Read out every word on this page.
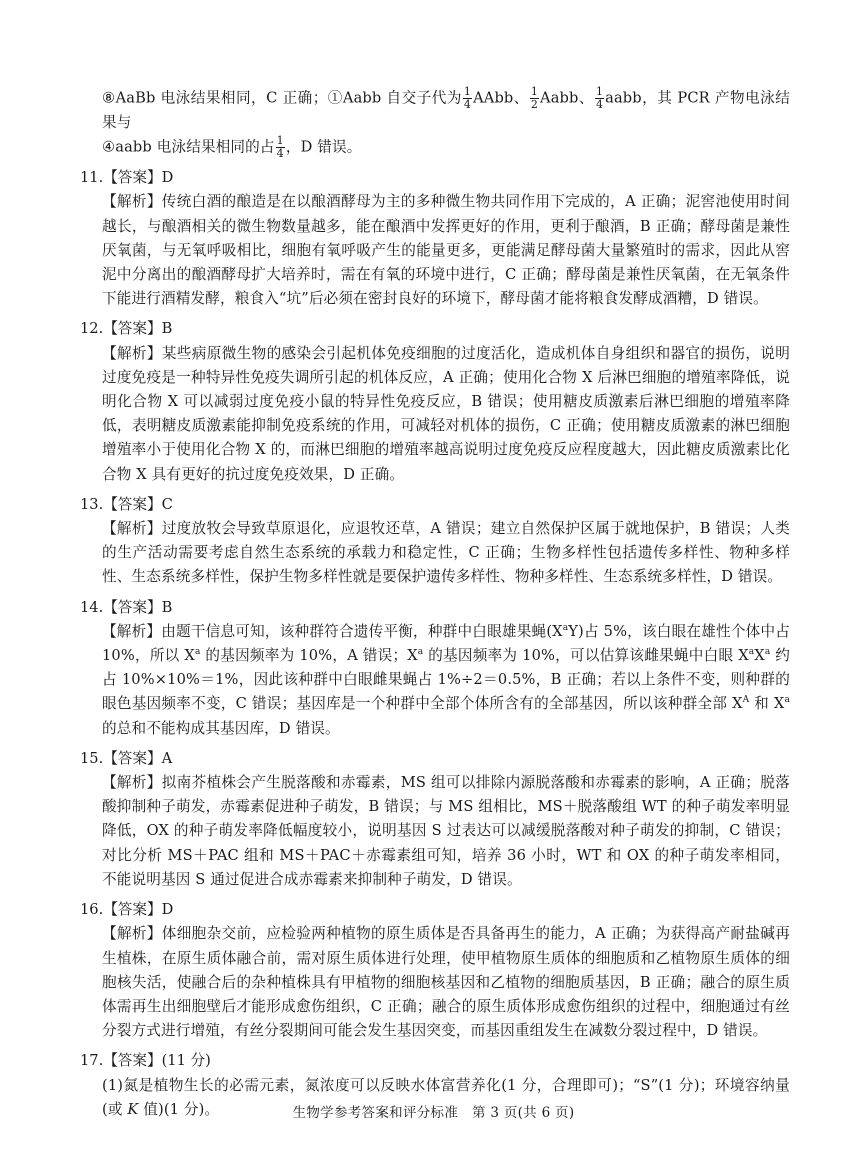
⑧AaBb 电泳结果相同，C 正确；①Aabb 自交子代为 $\frac{1}{4}$ AAbb、 $\frac{1}{2}$ Aabb、 $\frac{1}{4}$ aabb，其 PCR 产物电泳结果与
④aabb 电泳结果相同的占 $\frac{1}{4}$ ，D 错误。
11.【答案】D
【解析】传统白酒的酿造是在以酿酒酵母为主的多种微生物共同作用下完成的，A 正确；泥窖池使用时间越长，与酿酒相关的微生物数量越多，能在酿酒中发挥更好的作用，更利于酿酒，B 正确；酵母菌是兼性厌氧菌，与无氧呼吸相比，细胞有氧呼吸产生的能量更多，更能满足酵母菌大量繁殖时的需求，因此从窖泥中分离出的酿酒酵母扩大培养时，需在有氧的环境中进行，C 正确；酵母菌是兼性厌氧菌，在无氧条件下能进行酒精发酵，粮食入“坑”后必须在密封良好的环境下，酵母菌才能将粮食发酵成酒糟，D 错误。
12.【答案】B
【解析】某些病原微生物的感染会引起机体免疫细胞的过度活化，造成机体自身组织和器官的损伤，说明过度免疫是一种特异性免疫失调所引起的机体反应，A 正确；使用化合物 X 后淋巴细胞的增殖率降低，说明化合物 X 可以减弱过度免疫小鼠的特异性免疫反应，B 错误；使用糖皮质激素后淋巴细胞的增殖率降低，表明糖皮质激素能抑制免疫系统的作用，可减轻对机体的损伤，C 正确；使用糖皮质激素的淋巴细胞增殖率小于使用化合物 X 的，而淋巴细胞的增殖率越高说明过度免疫反应程度越大，因此糖皮质激素比化合物 X 具有更好的抗过度免疫效果，D 正确。
13.【答案】C
【解析】过度放牧会导致草原退化，应退牧还草，A 错误；建立自然保护区属于就地保护，B 错误；人类的生产活动需要考虑自然生态系统的承载力和稳定性，C 正确；生物多样性包括遗传多样性、物种多样性、生态系统多样性，保护生物多样性就是要保护遗传多样性、物种多样性、生态系统多样性，D 错误。
14.【答案】B
【解析】由题干信息可知，该种群符合遗传平衡，种群中白眼雄果蝇$(X^aY)$占 5%，该白眼在雄性个体中占 10%，所以 $X^a$ 的基因频率为 10%，A 错误；$X^a$ 的基因频率为 10%，可以估算该雌果蝇中白眼 $X^aX^a$ 约占 10%×10%＝1%，因此该种群中白眼雌果蝇占 1%÷2＝0.5%，B 正确；若以上条件不变，则种群的眼色基因频率不变，C 错误；基因库是一个种群中全部个体所含有的全部基因，所以该种群全部 $X^A$ 和 $X^a$ 的总和不能构成其基因库，D 错误。
15.【答案】A
【解析】拟南芥植株会产生脱落酸和赤霉素，MS 组可以排除内源脱落酸和赤霉素的影响，A 正确；脱落酸抑制种子萌发，赤霉素促进种子萌发，B 错误；与 MS 组相比，MS＋脱落酸组 WT 的种子萌发率明显降低，OX 的种子萌发率降低幅度较小，说明基因 S 过表达可以减缓脱落酸对种子萌发的抑制，C 错误；对比分析 MS＋PAC 组和 MS＋PAC＋赤霉素组可知，培养 36 小时，WT 和 OX 的种子萌发率相同，不能说明基因 S 通过促进合成赤霉素来抑制种子萌发，D 错误。
16.【答案】D
【解析】体细胞杂交前，应检验两种植物的原生质体是否具备再生的能力，A 正确；为获得高产耐盐碱再生植株，在原生质体融合前，需对原生质体进行处理，使甲植物原生质体的细胞质和乙植物原生质体的细胞核失活，使融合后的杂种植株具有甲植物的细胞核基因和乙植物的细胞质基因，B 正确；融合的原生质体需再生出细胞壁后才能形成愈伤组织，C 正确；融合的原生质体形成愈伤组织的过程中，细胞通过有丝分裂方式进行增殖，有丝分裂期间可能会发生基因突变，而基因重组发生在减数分裂过程中，D 错误。
17.【答案】(11 分)
(1)氮是植物生长的必需元素，氮浓度可以反映水体富营养化(1 分，合理即可)；“S”(1 分)；环境容纳量(或 K 值)(1 分)。	生物学参考答案和评分标准　第 3 页(共 6 页)
